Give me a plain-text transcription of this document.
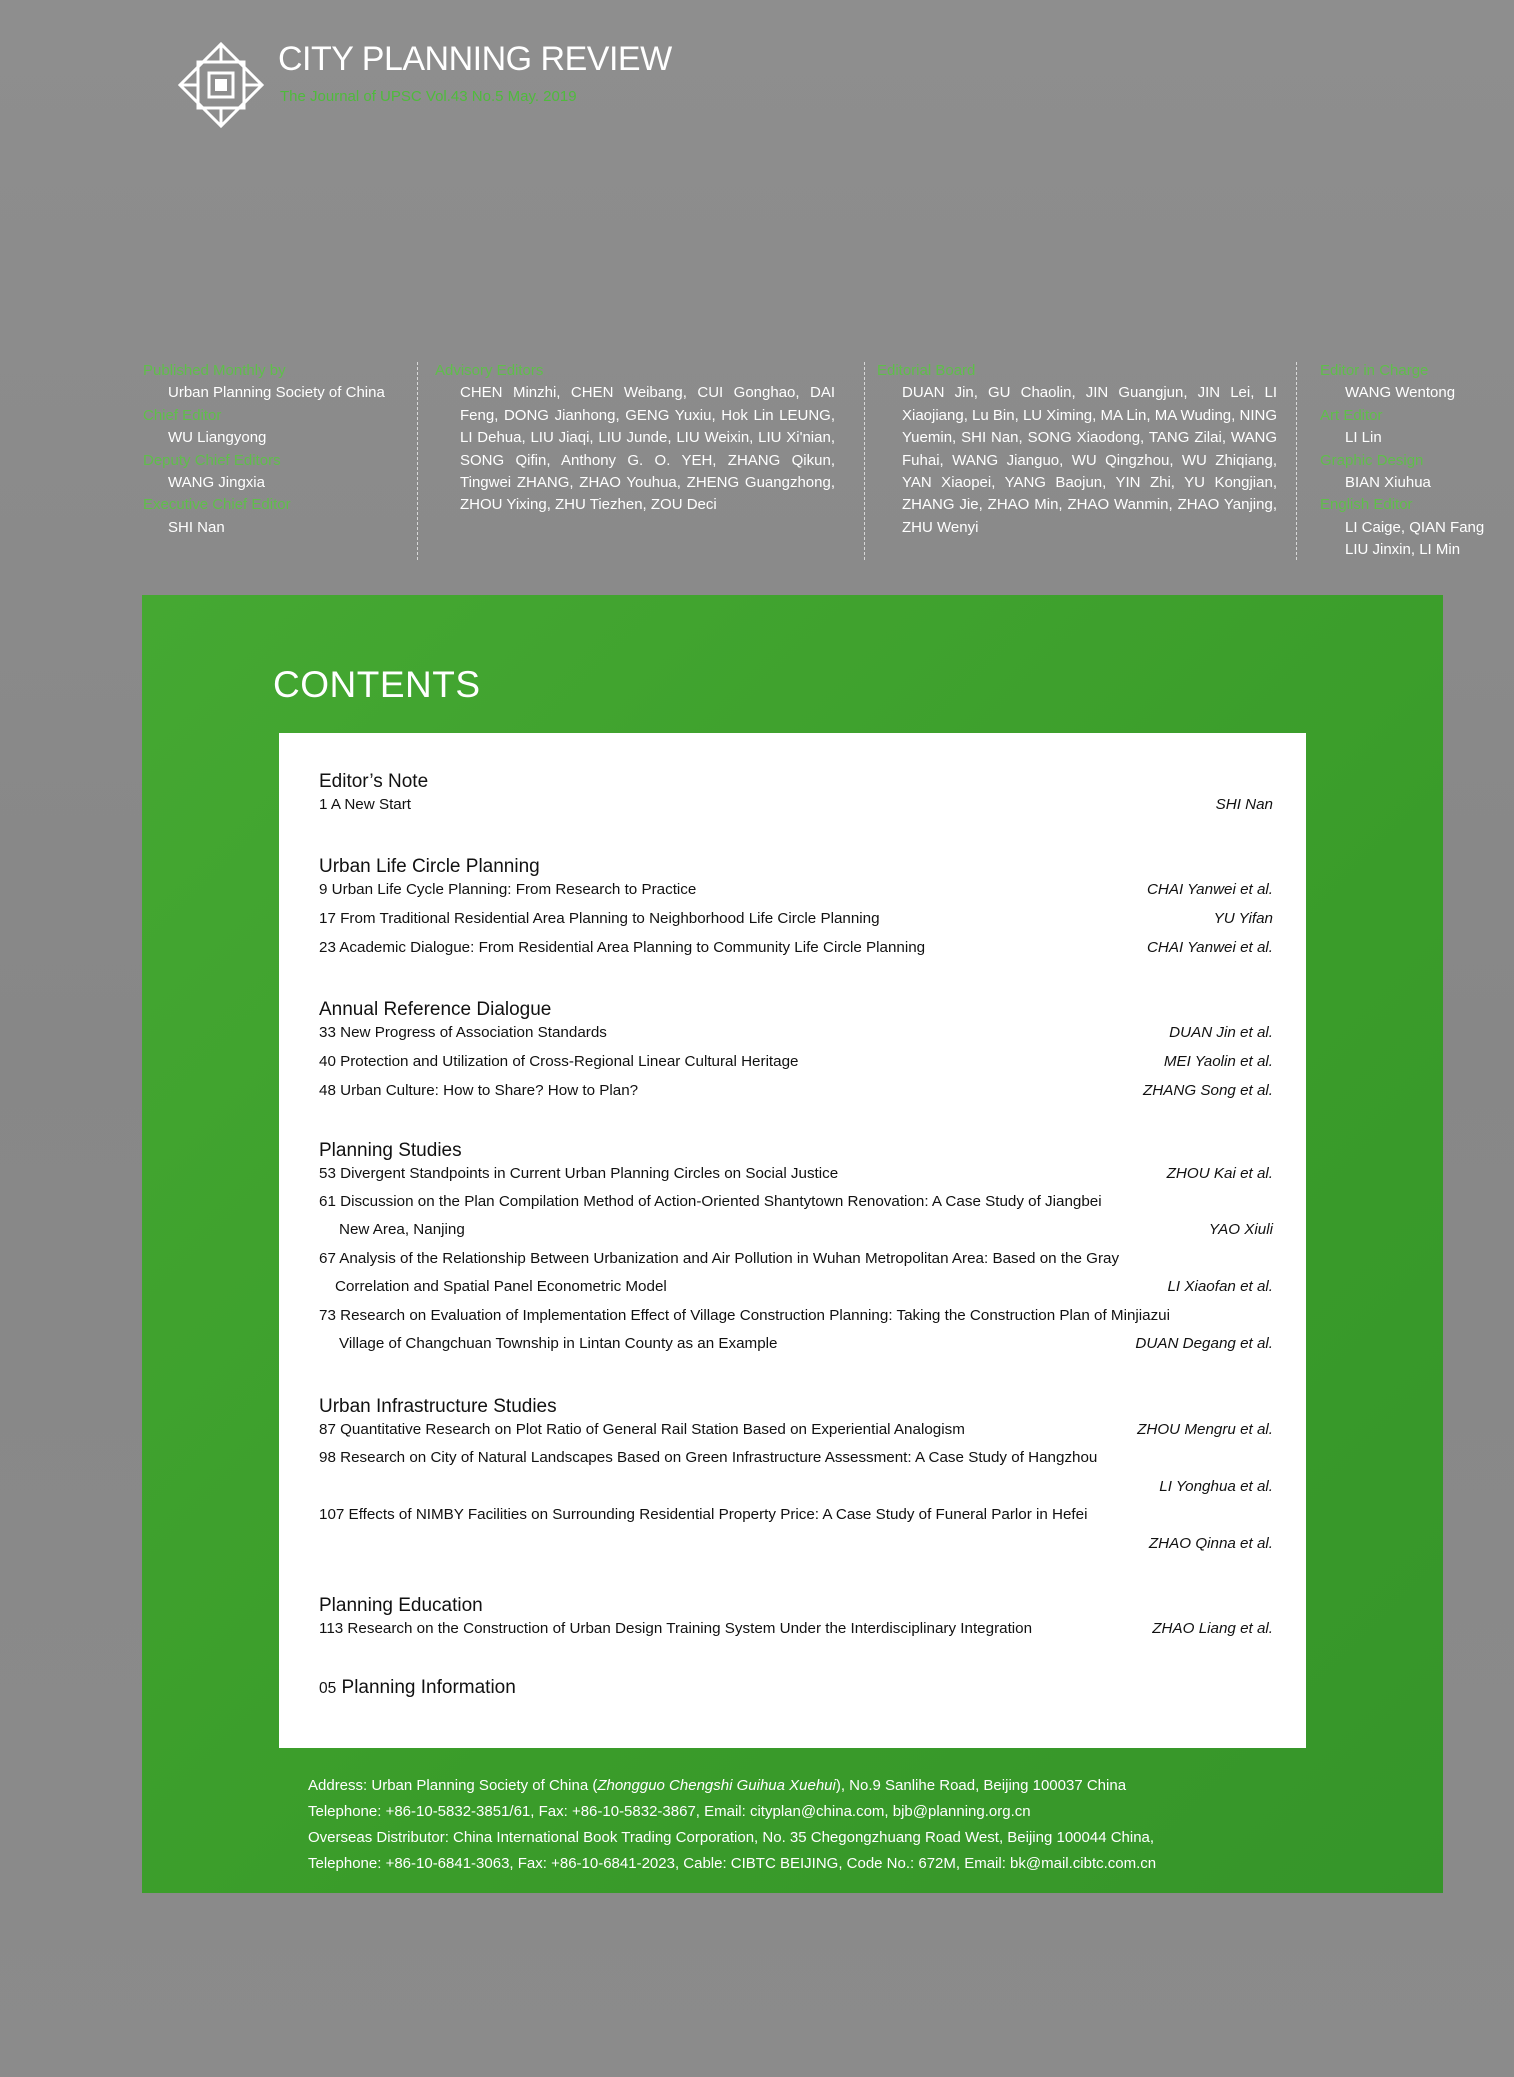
CITY PLANNING REVIEW
The Journal of UPSC Vol.43 No.5 May. 2019
Published Monthly by
Urban Planning Society of China
Chief Editor
WU Liangyong
Deputy Chief Editors
WANG Jingxia
Executive Chief Editor
SHI Nan
Advisory Editors
CHEN Minzhi, CHEN Weibang, CUI Gonghao, DAI Feng, DONG Jianhong, GENG Yuxiu, Hok Lin LEUNG, LI Dehua, LIU Jiaqi, LIU Junde, LIU Weixin, LIU Xi'nian, SONG Qifin, Anthony G. O. YEH, ZHANG Qikun, Tingwei ZHANG, ZHAO Youhua, ZHENG Guangzhong, ZHOU Yixing, ZHU Tiezhen, ZOU Deci
Editorial Board
DUAN Jin, GU Chaolin, JIN Guangjun, JIN Lei, LI Xiaojiang, Lu Bin, LU Ximing, MA Lin, MA Wuding, NING Yuemin, SHI Nan, SONG Xiaodong, TANG Zilai, WANG Fuhai, WANG Jianguo, WU Qingzhou, WU Zhiqiang, YAN Xiaopei, YANG Baojun, YIN Zhi, YU Kongjian, ZHANG Jie, ZHAO Min, ZHAO Wanmin, ZHAO Yanjing, ZHU Wenyi
Editor in Charge
WANG Wentong
Art Editor
LI Lin
Graphic Design
BIAN Xiuhua
English Editor
LI Caige, QIAN Fang
LIU Jinxin, LI Min
CONTENTS
Editor’s Note
1 A New Start	SHI Nan
Urban Life Circle Planning
9 Urban Life Cycle Planning: From Research to Practice	CHAI Yanwei et al.
17 From Traditional Residential Area Planning to Neighborhood Life Circle Planning	YU Yifan
23 Academic Dialogue: From Residential Area Planning to Community Life Circle Planning	CHAI Yanwei et al.
Annual Reference Dialogue
33 New Progress of Association Standards	DUAN Jin et al.
40 Protection and Utilization of Cross-Regional Linear Cultural Heritage	MEI Yaolin et al.
48 Urban Culture: How to Share? How to Plan?	ZHANG Song et al.
Planning Studies
53 Divergent Standpoints in Current Urban Planning Circles on Social Justice	ZHOU Kai et al.
61 Discussion on the Plan Compilation Method of Action-Oriented Shantytown Renovation: A Case Study of Jiangbei
New Area, Nanjing	YAO Xiuli
67 Analysis of the Relationship Between Urbanization and Air Pollution in Wuhan Metropolitan Area: Based on the Gray
Correlation and Spatial Panel Econometric Model	LI Xiaofan et al.
73 Research on Evaluation of Implementation Effect of Village Construction Planning: Taking the Construction Plan of Minjiazui
Village of Changchuan Township in Lintan County as an Example	DUAN Degang et al.
Urban Infrastructure Studies
87 Quantitative Research on Plot Ratio of General Rail Station Based on Experiential Analogism	ZHOU Mengru et al.
98 Research on City of Natural Landscapes Based on Green Infrastructure Assessment: A Case Study of Hangzhou
LI Yonghua et al.
107 Effects of NIMBY Facilities on Surrounding Residential Property Price: A Case Study of Funeral Parlor in Hefei
ZHAO Qinna et al.
Planning Education
113 Research on the Construction of Urban Design Training System Under the Interdisciplinary Integration	ZHAO Liang et al.
05 Planning Information
Address: Urban Planning Society of China (Zhongguo Chengshi Guihua Xuehui), No.9 Sanlihe Road, Beijing 100037 China
Telephone: +86-10-5832-3851/61, Fax: +86-10-5832-3867, Email: cityplan@china.com, bjb@planning.org.cn
Overseas Distributor: China International Book Trading Corporation, No. 35 Chegongzhuang Road West, Beijing 100044 China,
Telephone: +86-10-6841-3063, Fax: +86-10-6841-2023, Cable: CIBTC BEIJING, Code No.: 672M, Email: bk@mail.cibtc.com.cn
